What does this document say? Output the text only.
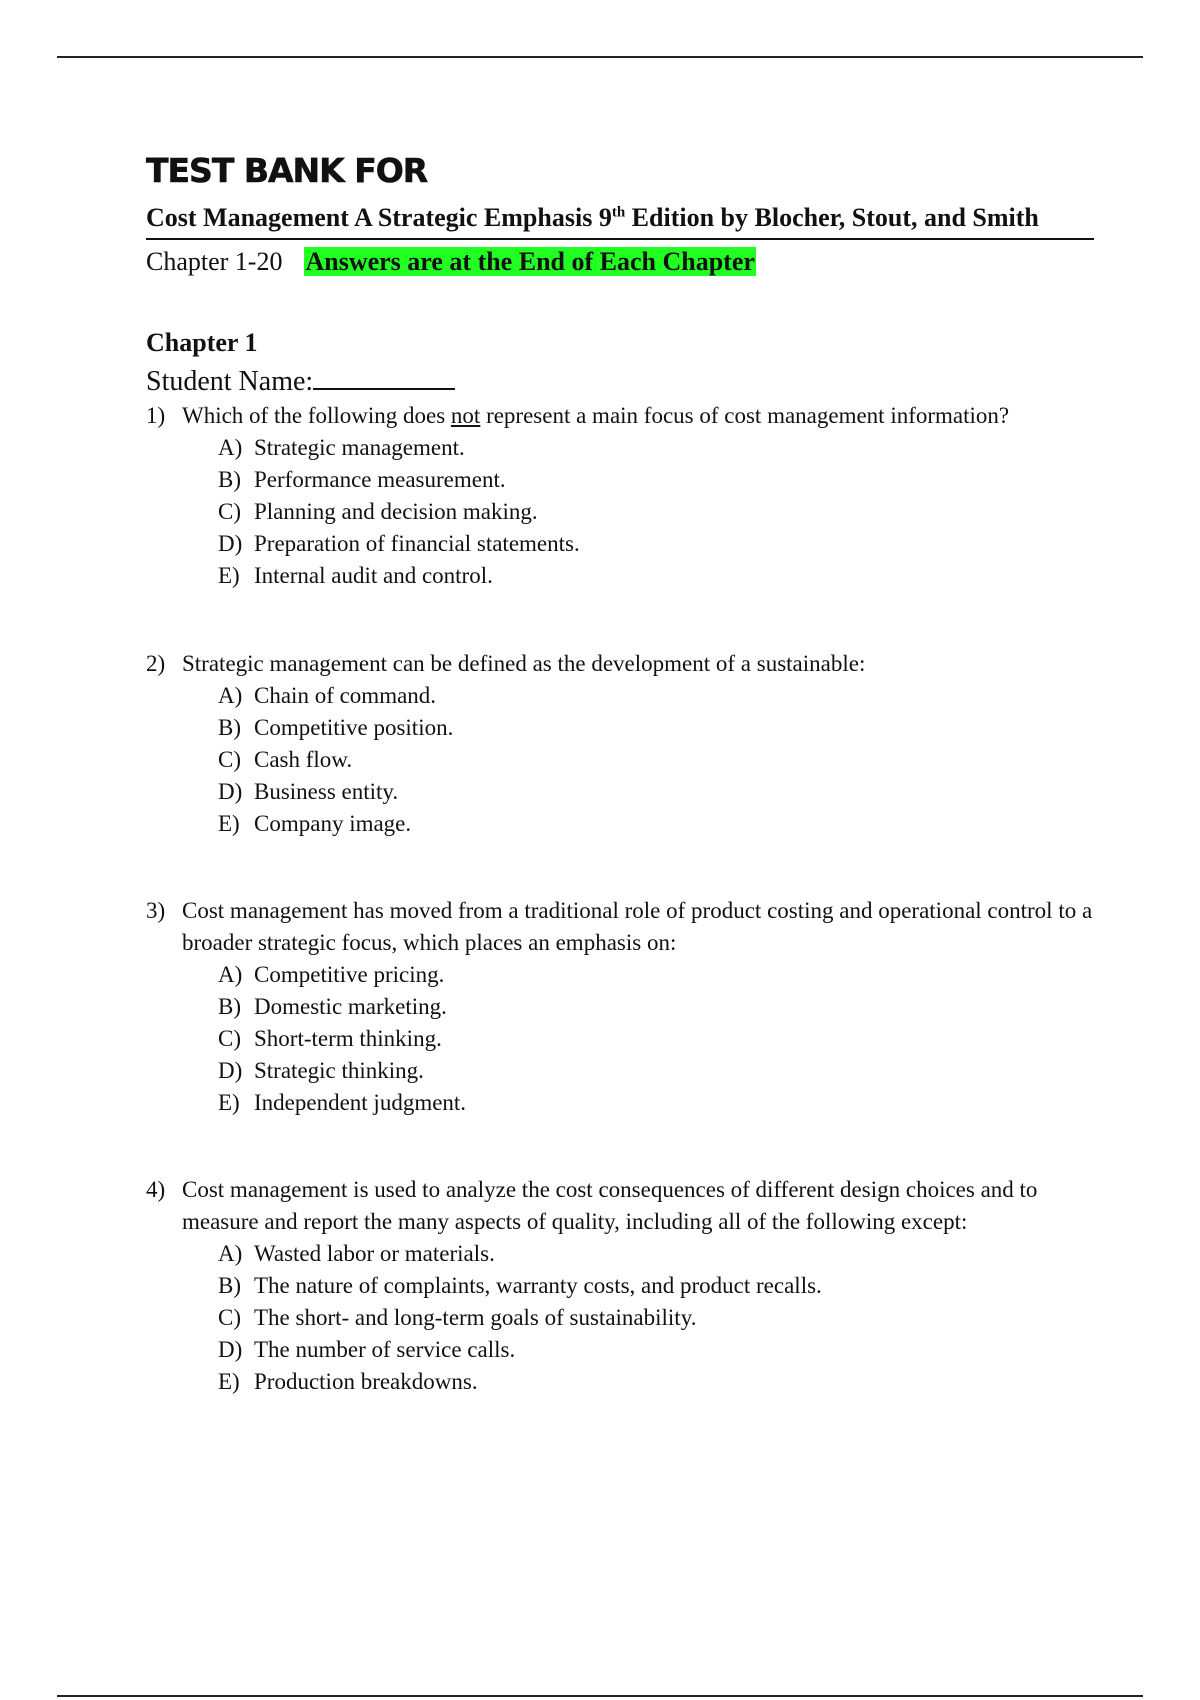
TEST BANK FOR
Cost Management A Strategic Emphasis 9th Edition by Blocher, Stout, and Smith
Chapter 1-20 Answers are at the End of Each Chapter
Chapter 1
Student Name:
1) Which of the following does not represent a main focus of cost management information?
A) Strategic management.
B) Performance measurement.
C) Planning and decision making.
D) Preparation of financial statements.
E) Internal audit and control.
2) Strategic management can be defined as the development of a sustainable:
A) Chain of command.
B) Competitive position.
C) Cash flow.
D) Business entity.
E) Company image.
3) Cost management has moved from a traditional role of product costing and operational control to a broader strategic focus, which places an emphasis on:
A) Competitive pricing.
B) Domestic marketing.
C) Short-term thinking.
D) Strategic thinking.
E) Independent judgment.
4) Cost management is used to analyze the cost consequences of different design choices and to measure and report the many aspects of quality, including all of the following except:
A) Wasted labor or materials.
B) The nature of complaints, warranty costs, and product recalls.
C) The short- and long-term goals of sustainability.
D) The number of service calls.
E) Production breakdowns.
